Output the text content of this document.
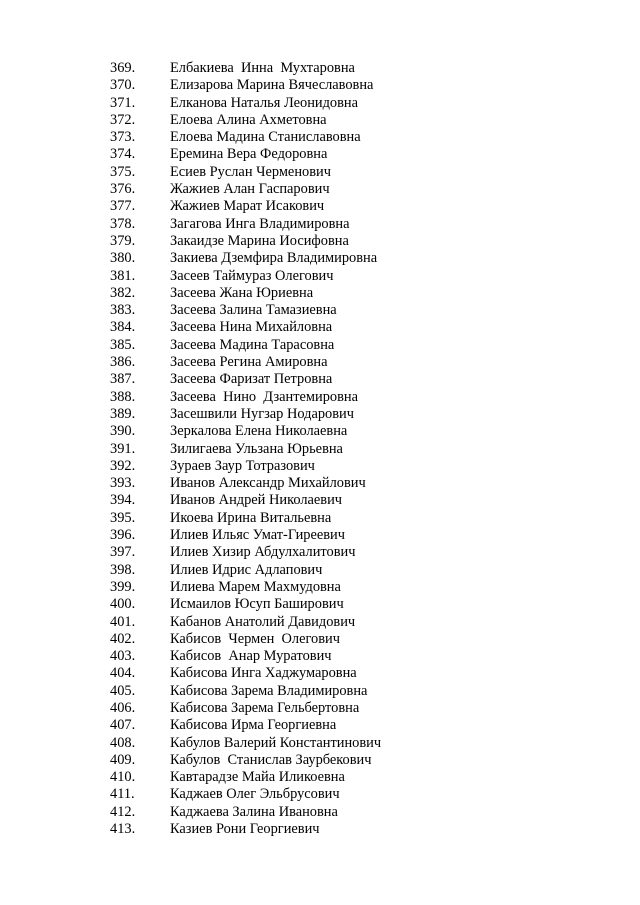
369. Елбакиева  Инна  Мухтаровна
370. Елизарова Марина Вячеславовна
371. Елканова Наталья Леонидовна
372. Елоева Алина Ахметовна
373. Елоева Мадина Станиславовна
374. Еремина Вера Федоровна
375. Есиев Руслан Черменович
376. Жажиев Алан Гаспарович
377. Жажиев Марат Исакович
378. Загагова Инга Владимировна
379. Закаидзе Марина Иосифовна
380. Закиева Дземфира Владимировна
381. Засеев Таймураз Олегович
382. Засеева Жана Юриевна
383. Засеева Залина Тамазиевна
384. Засеева Нина Михайловна
385. Засеева Мадина Тарасовна
386. Засеева Регина Амировна
387. Засеева Фаризат Петровна
388. Засеева  Нино  Дзантемировна
389. Засешвили Нугзар Нодарович
390. Зеркалова Елена Николаевна
391. Зилигаева Ульзана Юрьевна
392. Зураев Заур Тотразович
393. Иванов Александр Михайлович
394. Иванов Андрей Николаевич
395. Икоева Ирина Витальевна
396. Илиев Ильяс Умат-Гиреевич
397. Илиев Хизир Абдулхалитович
398. Илиев Идрис Адлапович
399. Илиева Марем Махмудовна
400. Исмаилов Юсуп Баширович
401. Кабанов Анатолий Давидович
402. Кабисов  Чермен  Олегович
403. Кабисов  Анар Муратович
404. Кабисова Инга Хаджумаровна
405. Кабисова Зарема Владимировна
406. Кабисова Зарема Гельбертовна
407. Кабисова Ирма Георгиевна
408. Кабулов Валерий Константинович
409. Кабулов  Станислав Заурбекович
410. Кавтарадзе Майа Иликоевна
411. Каджаев Олег Эльбрусович
412. Каджаева Залина Ивановна
413. Казиев Рони Георгиевич
